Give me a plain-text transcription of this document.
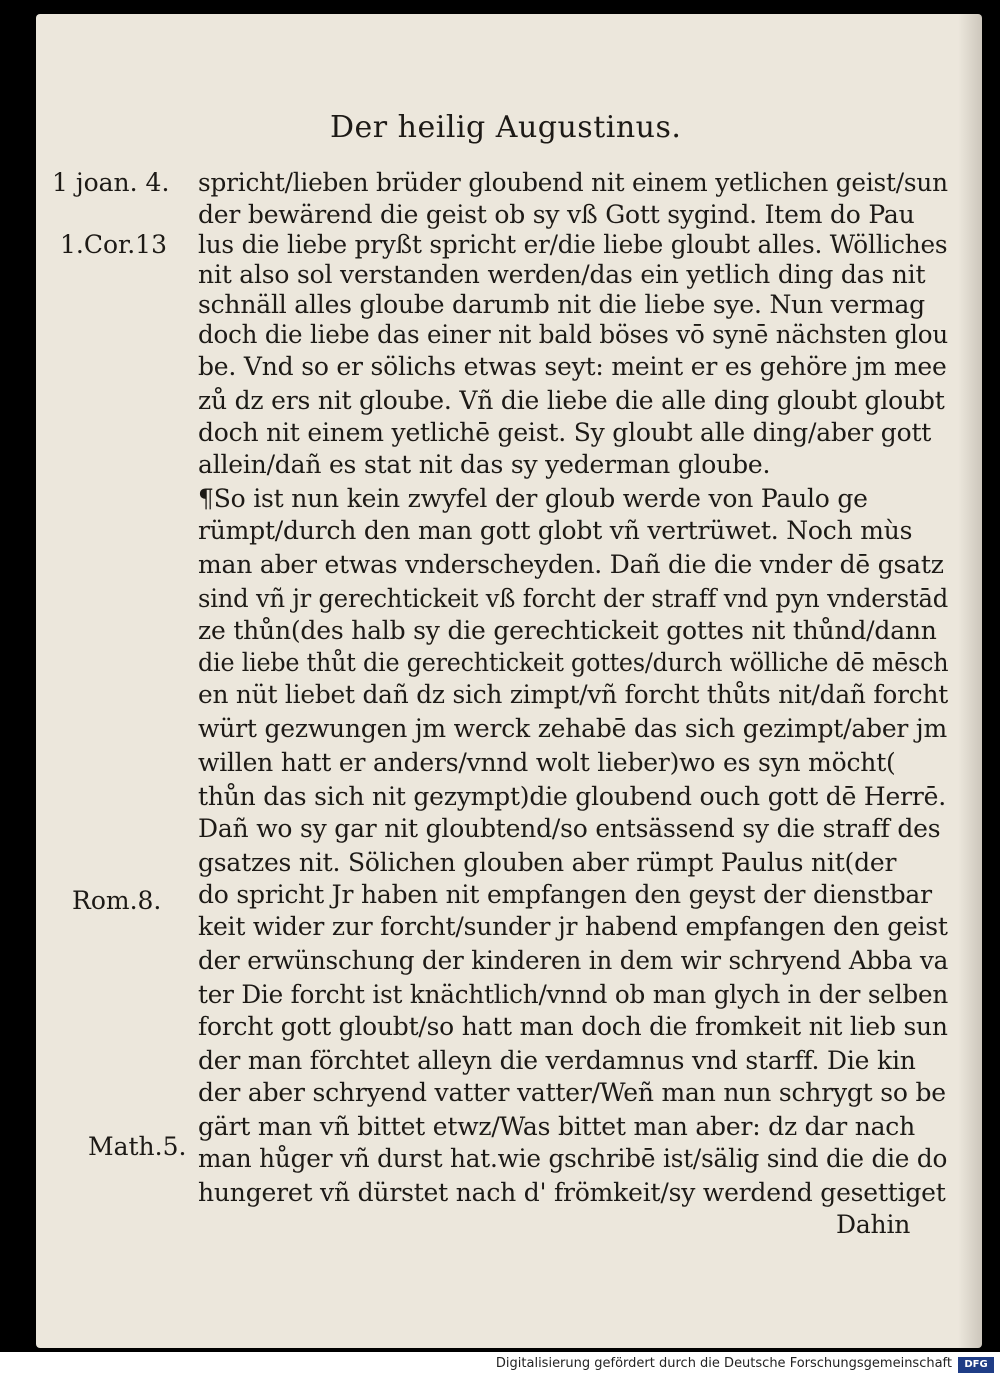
Der heilig Augustinus.
1 joan. 4.
1.Cor.13
Rom.8.
Math.5.
spricht/lieben brüder gloubend nit einem yetlichen geist/sun
der bewärend die geist ob sy vß Gott sygind. Item do Pau
lus die liebe pryßt spricht er/die liebe gloubt alles. Wölliches
nit also sol verstanden werden/das ein yetlich ding das nit
schnäll alles gloube darumb nit die liebe sye. Nun vermag
doch die liebe das einer nit bald böses vō synē nächsten glou
be. Vnd so er sölichs etwas seyt: meint er es gehöre jm mee
zů dz ers nit gloube. Vñ die liebe die alle ding gloubt gloubt
doch nit einem yetlichē geist. Sy gloubt alle ding/aber gott
allein/dañ es stat nit das sy yederman gloube.
¶So ist nun kein zwyfel der gloub werde von Paulo ge
rümpt/durch den man gott globt vñ vertrüwet. Noch mùs
man aber etwas vnderscheyden. Dañ die die vnder dē gsatz
sind vñ jr gerechtickeit vß forcht der straff vnd pyn vnderstād
ze thůn(des halb sy die gerechtickeit gottes nit thůnd/dann
die liebe thůt die gerechtickeit gottes/durch wölliche dē mēsch
en nüt liebet dañ dz sich zimpt/vñ forcht thůts nit/dañ forcht
würt gezwungen jm werck zehabē das sich gezimpt/aber jm
willen hatt er anders/vnnd wolt lieber)wo es syn möcht(
thůn das sich nit gezympt)die gloubend ouch gott dē Herrē.
Dañ wo sy gar nit gloubtend/so entsässend sy die straff des
gsatzes nit. Sölichen glouben aber rümpt Paulus nit(der
do spricht Jr haben nit empfangen den geyst der dienstbar
keit wider zur forcht/sunder jr habend empfangen den geist
der erwünschung der kinderen in dem wir schryend Abba va
ter Die forcht ist knächtlich/vnnd ob man glych in der selben
forcht gott gloubt/so hatt man doch die fromkeit nit lieb sun
der man förchtet alleyn die verdamnus vnd starff. Die kin
der aber schryend vatter vatter/Weñ man nun schrygt so be
gärt man vñ bittet etwz/Was bittet man aber: dz dar nach
man hůger vñ durst hat.wie gschribē ist/sälig sind die die do
hungeret vñ dürstet nach d' frömkeit/sy werdend gesettiget
Dahin
Digitalisierung gefördert durch die Deutsche Forschungsgemeinschaft	DFG
